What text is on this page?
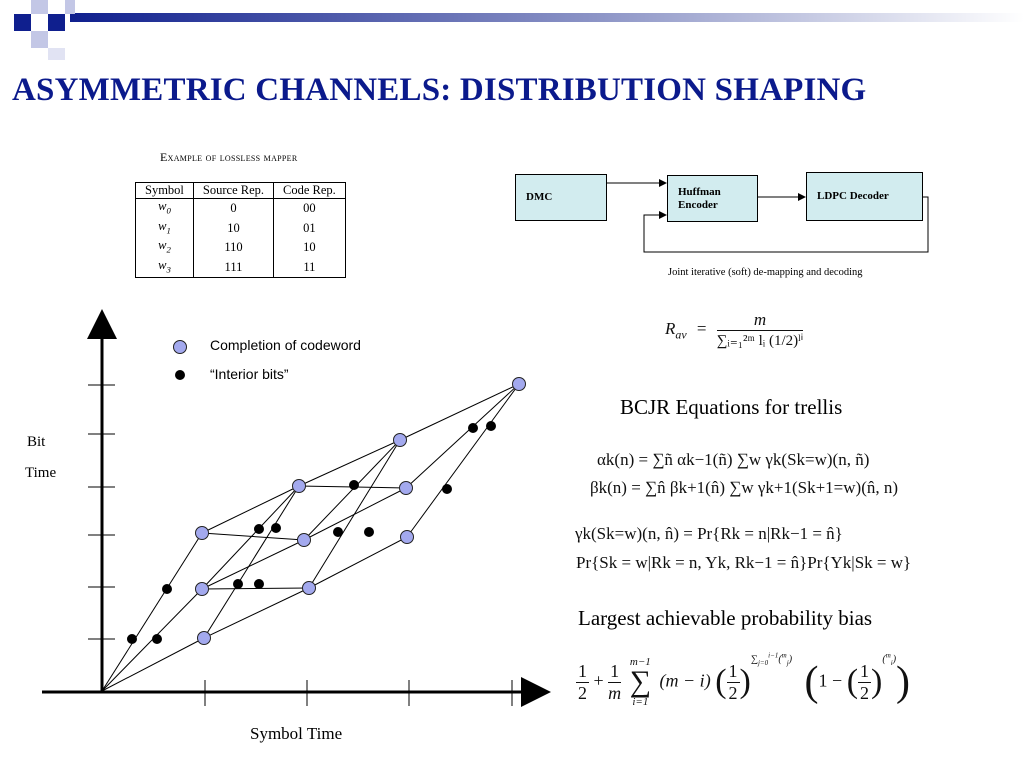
ASYMMETRIC CHANNELS: DISTRIBUTION SHAPING
Example of lossless mapper
Symbol	Source Rep.	Code Rep.
$w_0$	0	00
$w_1$	10	01
$w_2$	110	10
$w_3$	111	11
DMC	Huffman Encoder
LDPC Decoder
Joint iterative (soft) de-mapping and decoding
Completion of codeword
“Interior bits”
Bit
Time
Symbol Time
$R_{av} = \frac{m}{\text{∑ᵢ₌₁²ᵐ lᵢ (1/2)ˡⁱ}}$
BCJR Equations for trellis
αk(n) = ∑ñ αk−1(ñ) ∑w γk(Sk=w)(n, ñ)
βk(n) = ∑n̂ βk+1(n̂) ∑w γk+1(Sk+1=w)(n̂, n)
γk(Sk=w)(n, n̂) = Pr{Rk = n|Rk−1 = n̂}
Pr{Sk = w|Rk = n, Yk, Rk−1 = n̂}Pr{Yk|Sk = w}
Largest achievable probability bias
$\frac{1}{2} + \frac{1}{m}$
m−1
∑
i=1
(m − i) ( $\frac{1}{2} )^{\sum_{j=0}^{i-1}(^m_j)}$ (1 − ( $\frac{1}{2} )^{(^m_i)}$)
